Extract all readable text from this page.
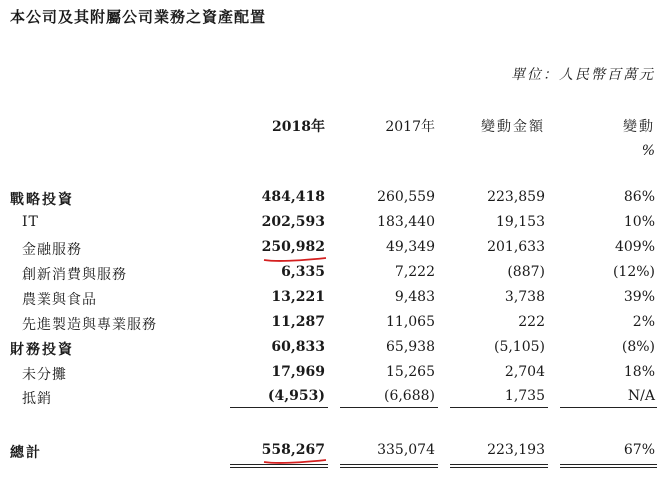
本公司及其附屬公司業務之資產配置
單位：人民幣百萬元
2018年	2017年	變動金額	變動
%
戰略投資	484,418	260,559	223,859	86%
IT	202,593	183,440	19,153	10%
金融服務	250,982	49,349	201,633	409%
創新消費與服務	6,335	7,222	(887)	(12%)
農業與食品	13,221	9,483	3,738	39%
先進製造與專業服務	11,287	11,065	222	2%
財務投資	60,833	65,938	(5,105)	(8%)
未分攤	17,969	15,265	2,704	18%
抵銷	(4,953)	(6,688)	1,735	N/A
總計	558,267	335,074	223,193	67%
